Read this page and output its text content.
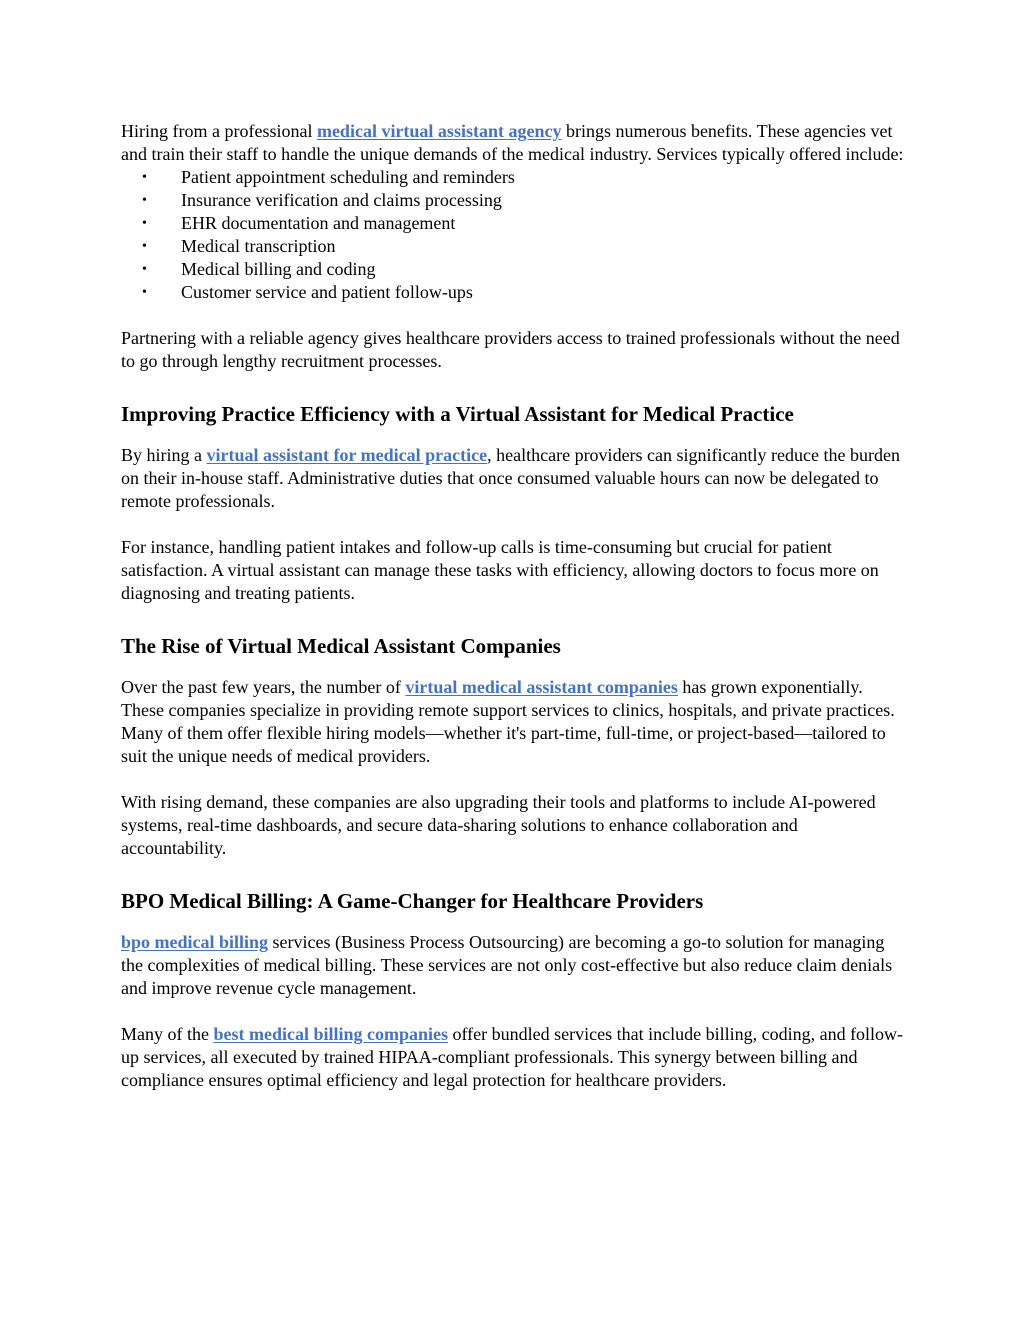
Hiring from a professional medical virtual assistant agency brings numerous benefits. These agencies vet and train their staff to handle the unique demands of the medical industry. Services typically offered include:

• Patient appointment scheduling and reminders
• Insurance verification and claims processing
• EHR documentation and management
• Medical transcription
• Medical billing and coding
• Customer service and patient follow-ups

Partnering with a reliable agency gives healthcare providers access to trained professionals without the need to go through lengthy recruitment processes.

Improving Practice Efficiency with a Virtual Assistant for Medical Practice

By hiring a virtual assistant for medical practice, healthcare providers can significantly reduce the burden on their in-house staff. Administrative duties that once consumed valuable hours can now be delegated to remote professionals.

For instance, handling patient intakes and follow-up calls is time-consuming but crucial for patient satisfaction. A virtual assistant can manage these tasks with efficiency, allowing doctors to focus more on diagnosing and treating patients.

The Rise of Virtual Medical Assistant Companies

Over the past few years, the number of virtual medical assistant companies has grown exponentially. These companies specialize in providing remote support services to clinics, hospitals, and private practices. Many of them offer flexible hiring models—whether it's part-time, full-time, or project-based—tailored to suit the unique needs of medical providers.

With rising demand, these companies are also upgrading their tools and platforms to include AI-powered systems, real-time dashboards, and secure data-sharing solutions to enhance collaboration and accountability.

BPO Medical Billing: A Game-Changer for Healthcare Providers

bpo medical billing services (Business Process Outsourcing) are becoming a go-to solution for managing the complexities of medical billing. These services are not only cost-effective but also reduce claim denials and improve revenue cycle management.

Many of the best medical billing companies offer bundled services that include billing, coding, and follow-up services, all executed by trained HIPAA-compliant professionals. This synergy between billing and compliance ensures optimal efficiency and legal protection for healthcare providers.
